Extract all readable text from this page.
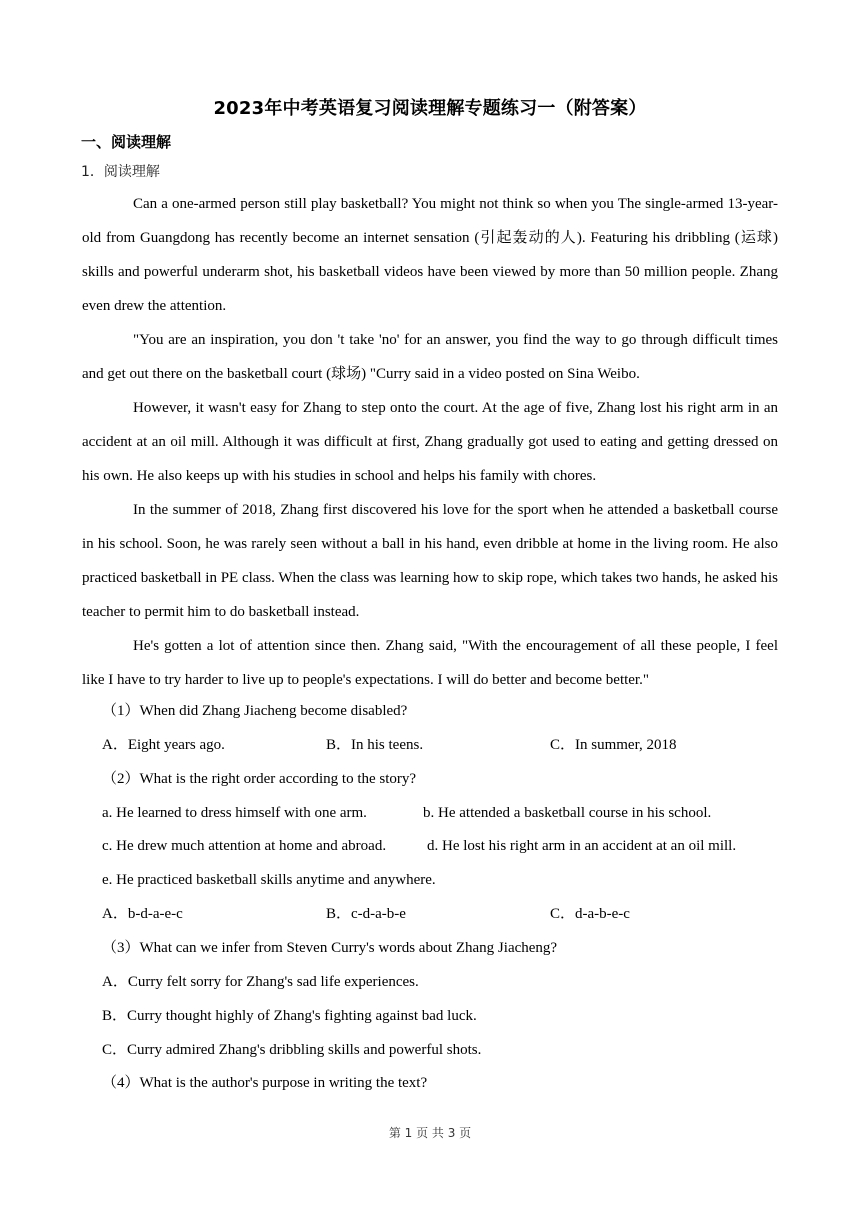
2023年中考英语复习阅读理解专题练习一（附答案）
一、阅读理解
1．阅读理解

Can a one-armed person still play basketball? You might not think so when you The single-armed 13-year-old from Guangdong has recently become an internet sensation (引起轰动的人). Featuring his dribbling (运球) skills and powerful underarm shot, his basketball videos have been viewed by more than 50 million people. Zhang even drew the attention.

"You are an inspiration, you don 't take 'no' for an answer, you find the way to go through difficult times and get out there on the basketball court (球场) "Curry said in a video posted on Sina Weibo.

However, it wasn't easy for Zhang to step onto the court. At the age of five, Zhang lost his right arm in an accident at an oil mill. Although it was difficult at first, Zhang gradually got used to eating and getting dressed on his own. He also keeps up with his studies in school and helps his family with chores.

In the summer of 2018, Zhang first discovered his love for the sport when he attended a basketball course in his school. Soon, he was rarely seen without a ball in his hand, even dribble at home in the living room. He also practiced basketball in PE class. When the class was learning how to skip rope, which takes two hands, he asked his teacher to permit him to do basketball instead.

He's gotten a lot of attention since then. Zhang said, "With the encouragement of all these people, I feel like I have to try harder to live up to people's expectations. I will do better and become better."

（1）When did Zhang Jiacheng become disabled?
A．Eight years ago.	B．In his teens.	C．In summer, 2018
（2）What is the right order according to the story?
a. He learned to dress himself with one arm.	b. He attended a basketball course in his school.
c. He drew much attention at home and abroad.	d. He lost his right arm in an accident at an oil mill.
e. He practiced basketball skills anytime and anywhere.
A．b-d-a-e-c	B．c-d-a-b-e	C．d-a-b-e-c
（3）What can we infer from Steven Curry's words about Zhang Jiacheng?
A．Curry felt sorry for Zhang's sad life experiences.
B．Curry thought highly of Zhang's fighting against bad luck.
C．Curry admired Zhang's dribbling skills and powerful shots.
（4）What is the author's purpose in writing the text?
第 1 页 共 3 页
